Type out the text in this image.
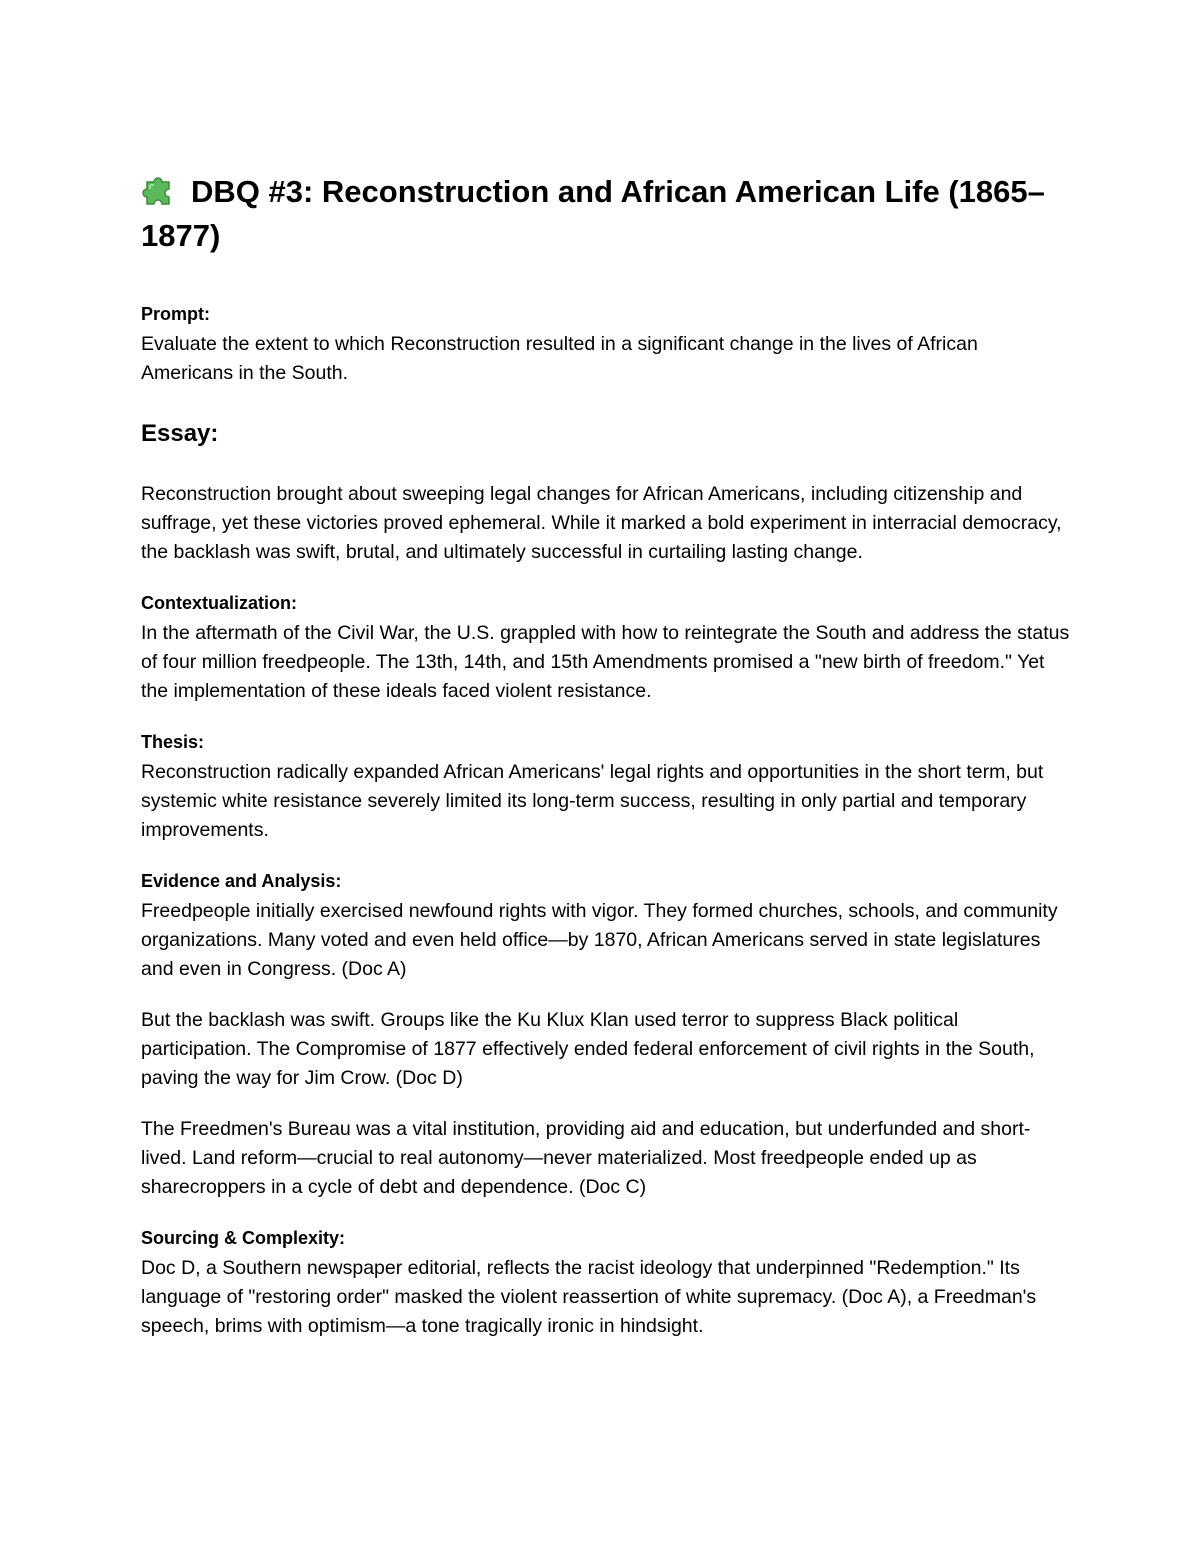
DBQ #3: Reconstruction and African American Life (1865–1877)

Prompt:

Evaluate the extent to which Reconstruction resulted in a significant change in the lives of African Americans in the South.

Essay:

Reconstruction brought about sweeping legal changes for African Americans, including citizenship and suffrage, yet these victories proved ephemeral. While it marked a bold experiment in interracial democracy, the backlash was swift, brutal, and ultimately successful in curtailing lasting change.

Contextualization:

In the aftermath of the Civil War, the U.S. grappled with how to reintegrate the South and address the status of four million freedpeople. The 13th, 14th, and 15th Amendments promised a "new birth of freedom." Yet the implementation of these ideals faced violent resistance.

Thesis:

Reconstruction radically expanded African Americans' legal rights and opportunities in the short term, but systemic white resistance severely limited its long-term success, resulting in only partial and temporary improvements.

Evidence and Analysis:

Freedpeople initially exercised newfound rights with vigor. They formed churches, schools, and community organizations. Many voted and even held office—by 1870, African Americans served in state legislatures and even in Congress. (Doc A)

But the backlash was swift. Groups like the Ku Klux Klan used terror to suppress Black political participation. The Compromise of 1877 effectively ended federal enforcement of civil rights in the South, paving the way for Jim Crow. (Doc D)

The Freedmen's Bureau was a vital institution, providing aid and education, but underfunded and short-lived. Land reform—crucial to real autonomy—never materialized. Most freedpeople ended up as sharecroppers in a cycle of debt and dependence. (Doc C)

Sourcing & Complexity:

Doc D, a Southern newspaper editorial, reflects the racist ideology that underpinned "Redemption." Its language of "restoring order" masked the violent reassertion of white supremacy. (Doc A), a Freedman's speech, brims with optimism—a tone tragically ironic in hindsight.
